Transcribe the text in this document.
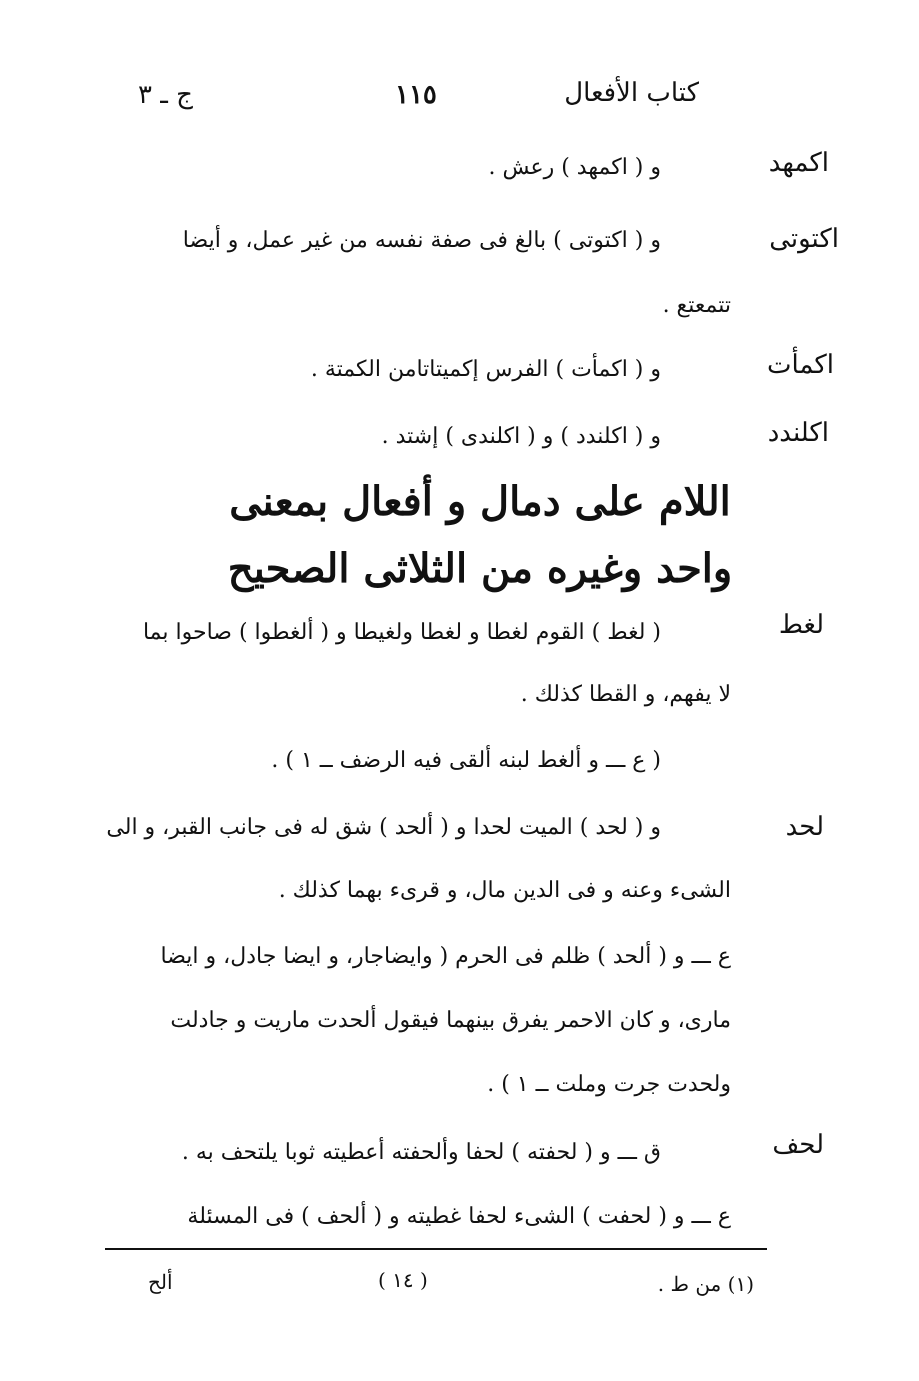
كتاب الأفعال
١١٥
ج ـ ٣
اكمهد
و ( اكمهد ) رعش .
اكتوتى
و ( اكتوتى ) بالغ فى صفة نفسه من غير عمل، و أيضا
تتمعتع .
اكمأت
و ( اكمأت ) الفرس إكميتاتامن الكمتة .
اكلندد
و ( اكلندد ) و ( اكلندى ) إشتد .
اللام على دمال و أفعال بمعنى
واحد وغيره من الثلاثى الصحيح
لغط
( لغط ) القوم لغطا و لغطا ولغيطا و ( ألغطوا ) صاحوا بما
لا يفهم، و القطا كذلك .
( ع ـــ و ألغط لبنه ألقى فيه الرضف ــ ١ ) .
لحد
و ( لحد ) الميت لحدا و ( ألحد ) شق له فى جانب القبر، و الى
الشىء وعنه و فى الدين مال، و قرىء بهما كذلك .
ع ـــ و ( ألحد ) ظلم فى الحرم ( وايضاجار، و ايضا جادل، و ايضا
مارى، و كان الاحمر يفرق بينهما فيقول ألحدت ماريت و جادلت
ولحدت جرت وملت ــ ١ ) .
لحف
ق ـــ و ( لحفته ) لحفا وألحفته أعطيته ثوبا يلتحف به .
ع ـــ و ( لحفت ) الشىء لحفا غطيته و ( ألحف ) فى المسئلة
(١) من ط .
( ١٤ )
ألح
